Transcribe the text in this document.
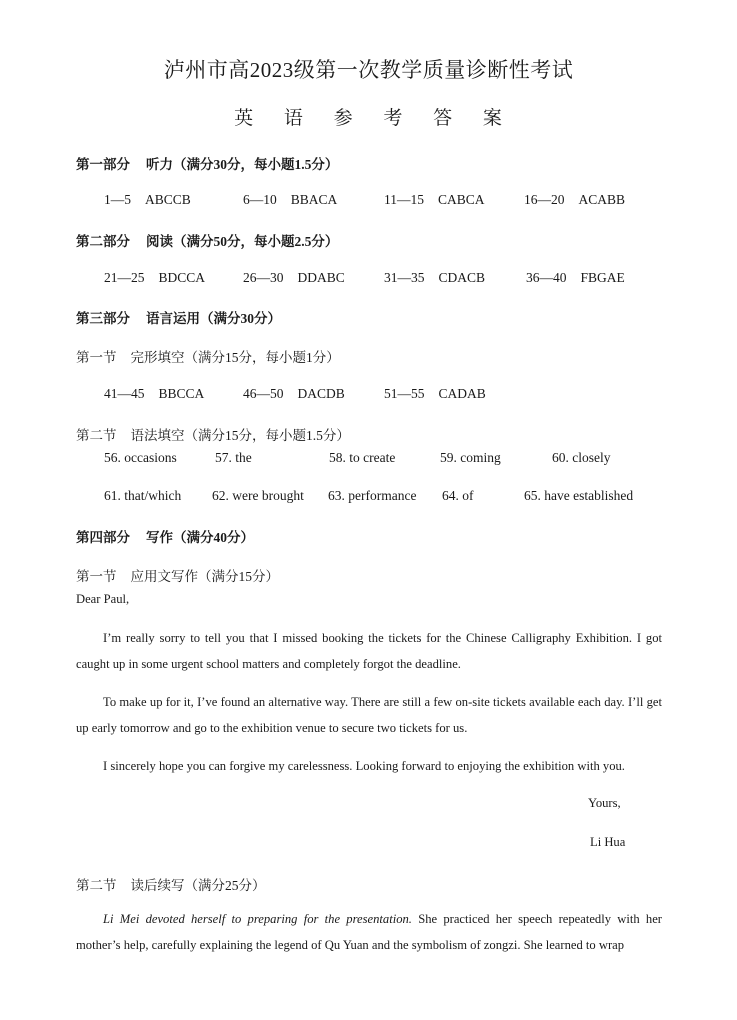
泸州市高2023级第一次教学质量诊断性考试
英 语 参 考 答 案
第一部分 听力（满分30分，每小题1.5分）
1—5 ABCCB	6—10 BBACA	11—15 CABCA	16—20 ACABB
第二部分 阅读（满分50分，每小题2.5分）
21—25 BDCCA	26—30 DDABC	31—35 CDACB	36—40 FBGAE
第三部分 语言运用（满分30分）
第一节 完形填空（满分15分，每小题1分）
41—45 BBCCA	46—50 DACDB	51—55 CADAB
第二节 语法填空（满分15分，每小题1.5分）
56. occasions	57. the	58. to create	59. coming	60. closely
61. that/which 62. were brought 63. performance 64. of	65. have established
第四部分 写作（满分40分）
第一节 应用文写作（满分15分）
Dear Paul,
I’m really sorry to tell you that I missed booking the tickets for the Chinese Calligraphy Exhibition. I got caught up in some urgent school matters and completely forgot the deadline.
To make up for it, I’ve found an alternative way. There are still a few on-site tickets available each day. I’ll get up early tomorrow and go to the exhibition venue to secure two tickets for us.
I sincerely hope you can forgive my carelessness. Looking forward to enjoying the exhibition with you.
Yours,
Li Hua
第二节 读后续写（满分25分）
Li Mei devoted herself to preparing for the presentation. She practiced her speech repeatedly with her mother’s help, carefully explaining the legend of Qu Yuan and the symbolism of zongzi. She learned to wrap
